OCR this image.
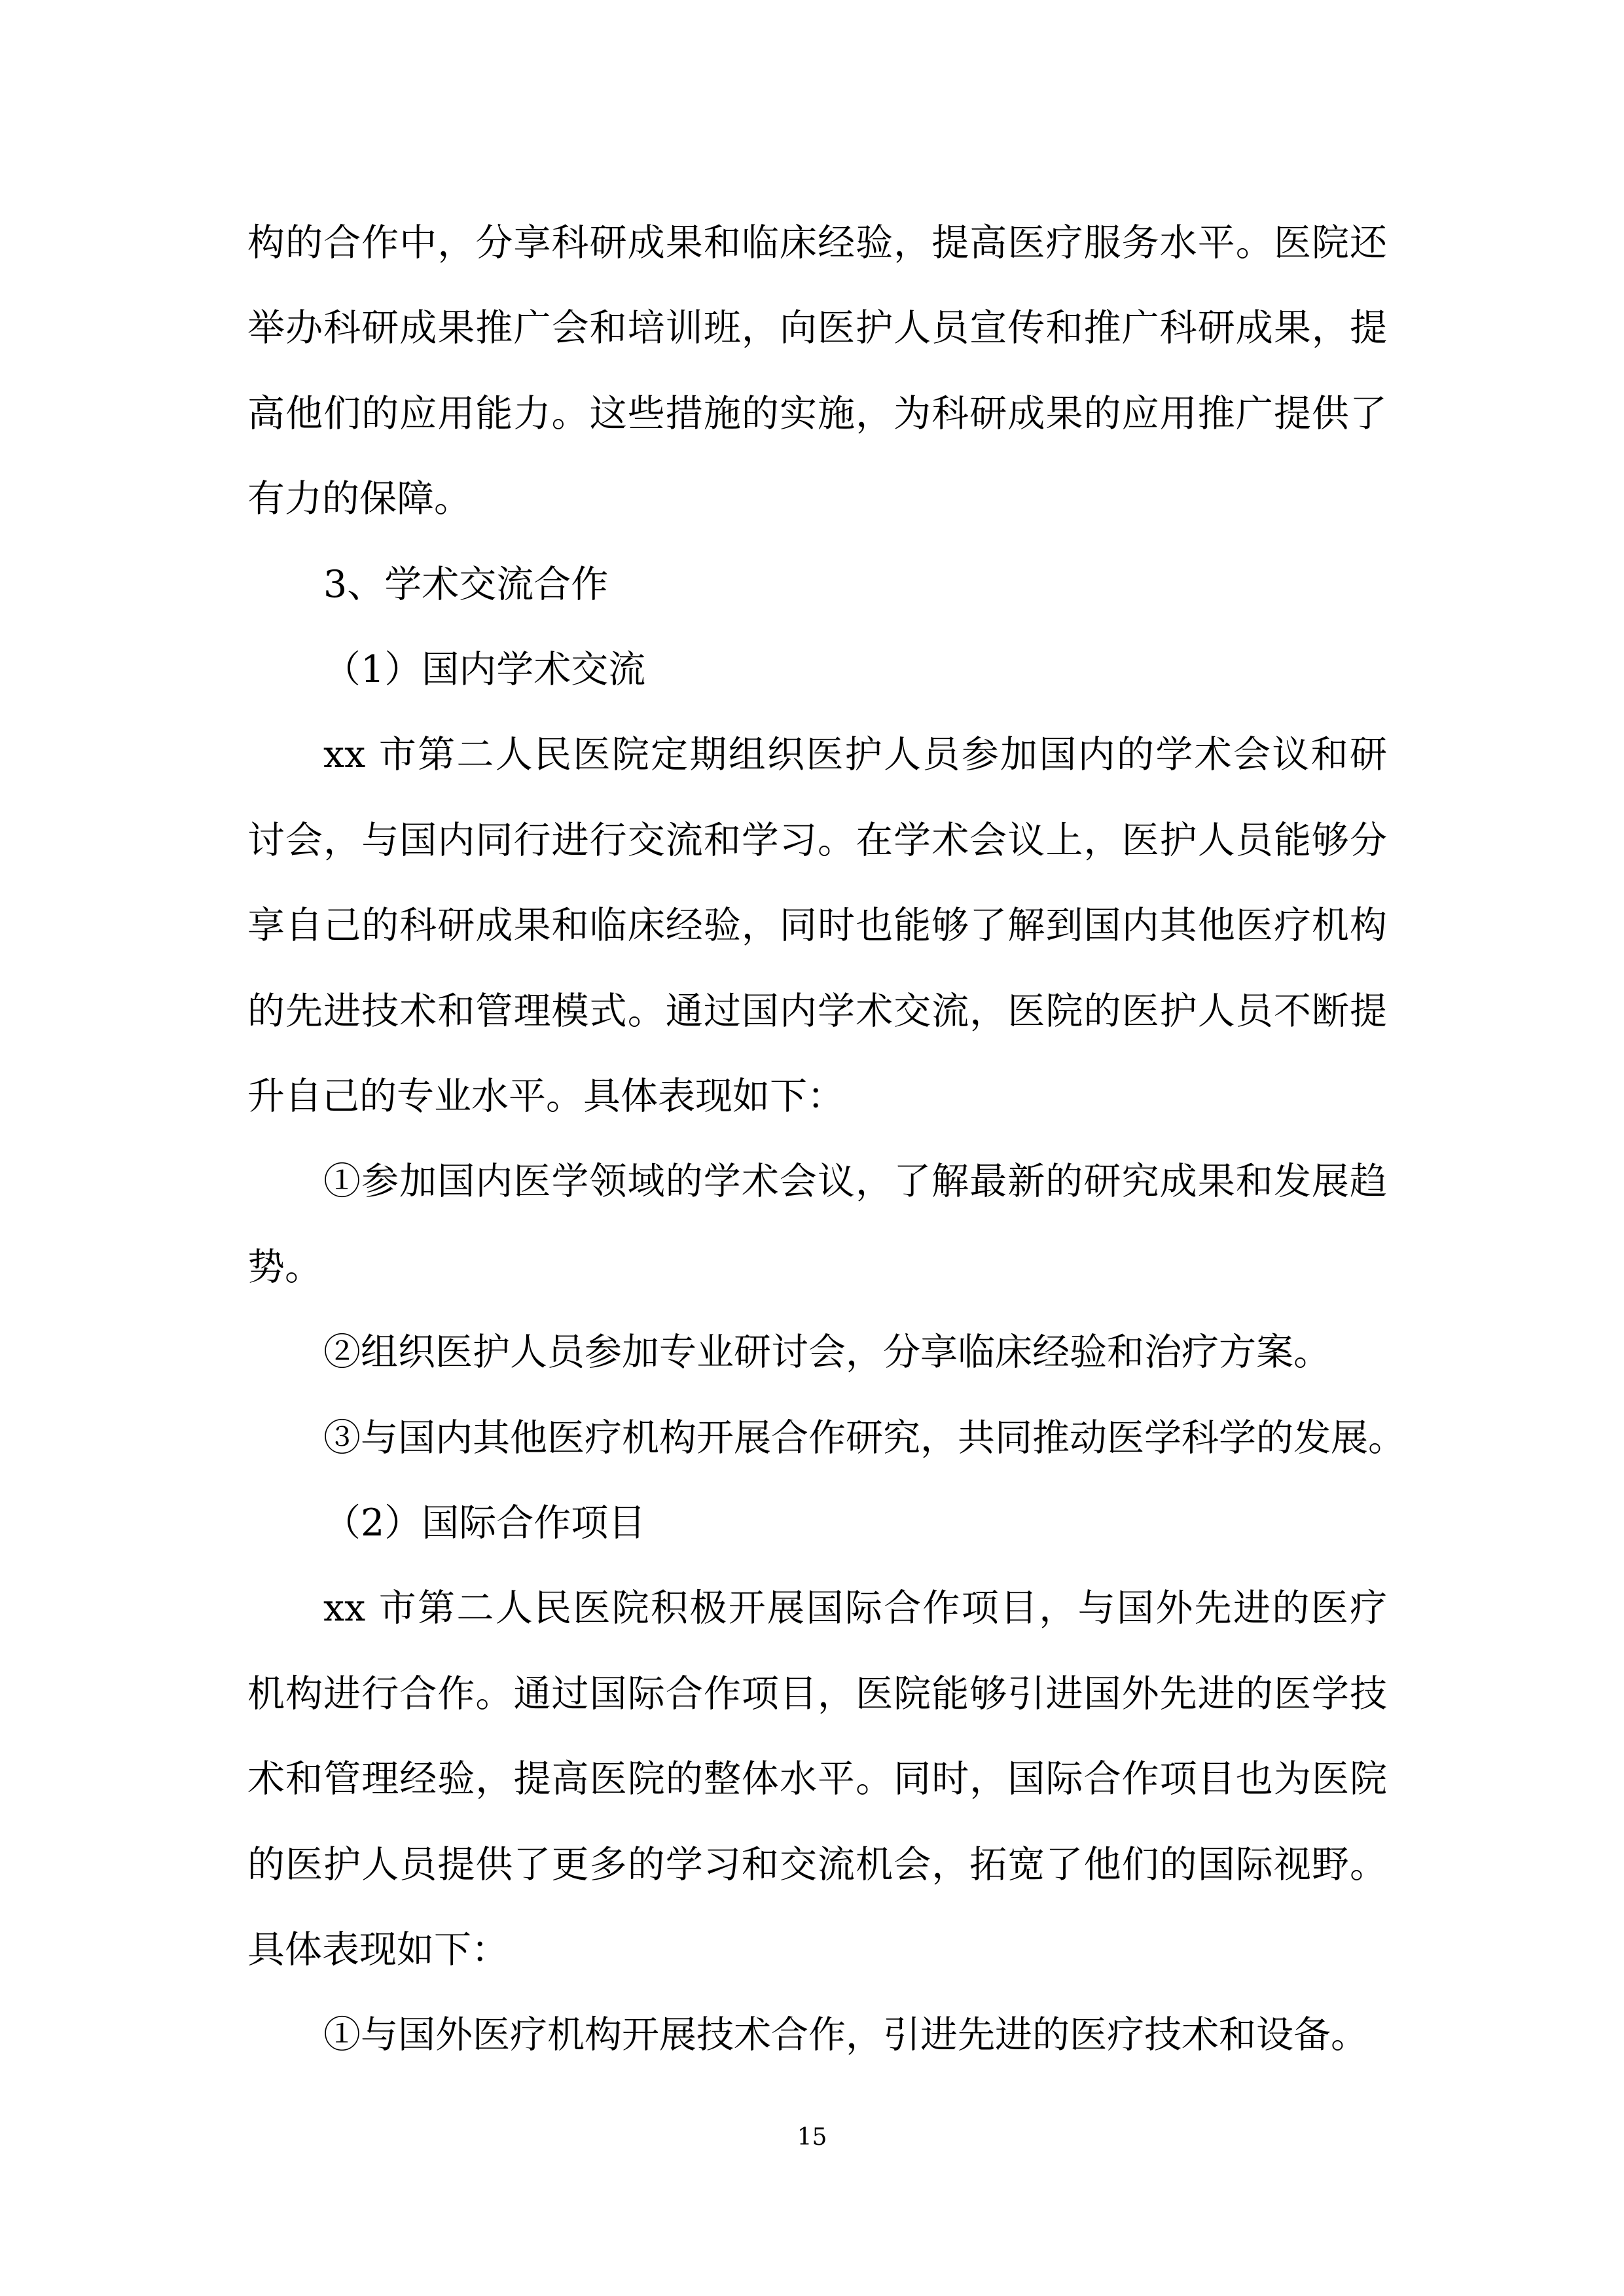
构的合作中，分享科研成果和临床经验，提高医疗服务水平。医院还
举办科研成果推广会和培训班，向医护人员宣传和推广科研成果，提
高他们的应用能力。这些措施的实施，为科研成果的应用推广提供了
有力的保障。
3、学术交流合作
（1）国内学术交流
xx 市第二人民医院定期组织医护人员参加国内的学术会议和研
讨会，与国内同行进行交流和学习。在学术会议上，医护人员能够分
享自己的科研成果和临床经验，同时也能够了解到国内其他医疗机构
的先进技术和管理模式。通过国内学术交流，医院的医护人员不断提
升自己的专业水平。具体表现如下：
①参加国内医学领域的学术会议，了解最新的研究成果和发展趋
势。
②组织医护人员参加专业研讨会，分享临床经验和治疗方案。
③与国内其他医疗机构开展合作研究，共同推动医学科学的发展。
（2）国际合作项目
xx 市第二人民医院积极开展国际合作项目，与国外先进的医疗
机构进行合作。通过国际合作项目，医院能够引进国外先进的医学技
术和管理经验，提高医院的整体水平。同时，国际合作项目也为医院
的医护人员提供了更多的学习和交流机会，拓宽了他们的国际视野。
具体表现如下：
①与国外医疗机构开展技术合作，引进先进的医疗技术和设备。
15
